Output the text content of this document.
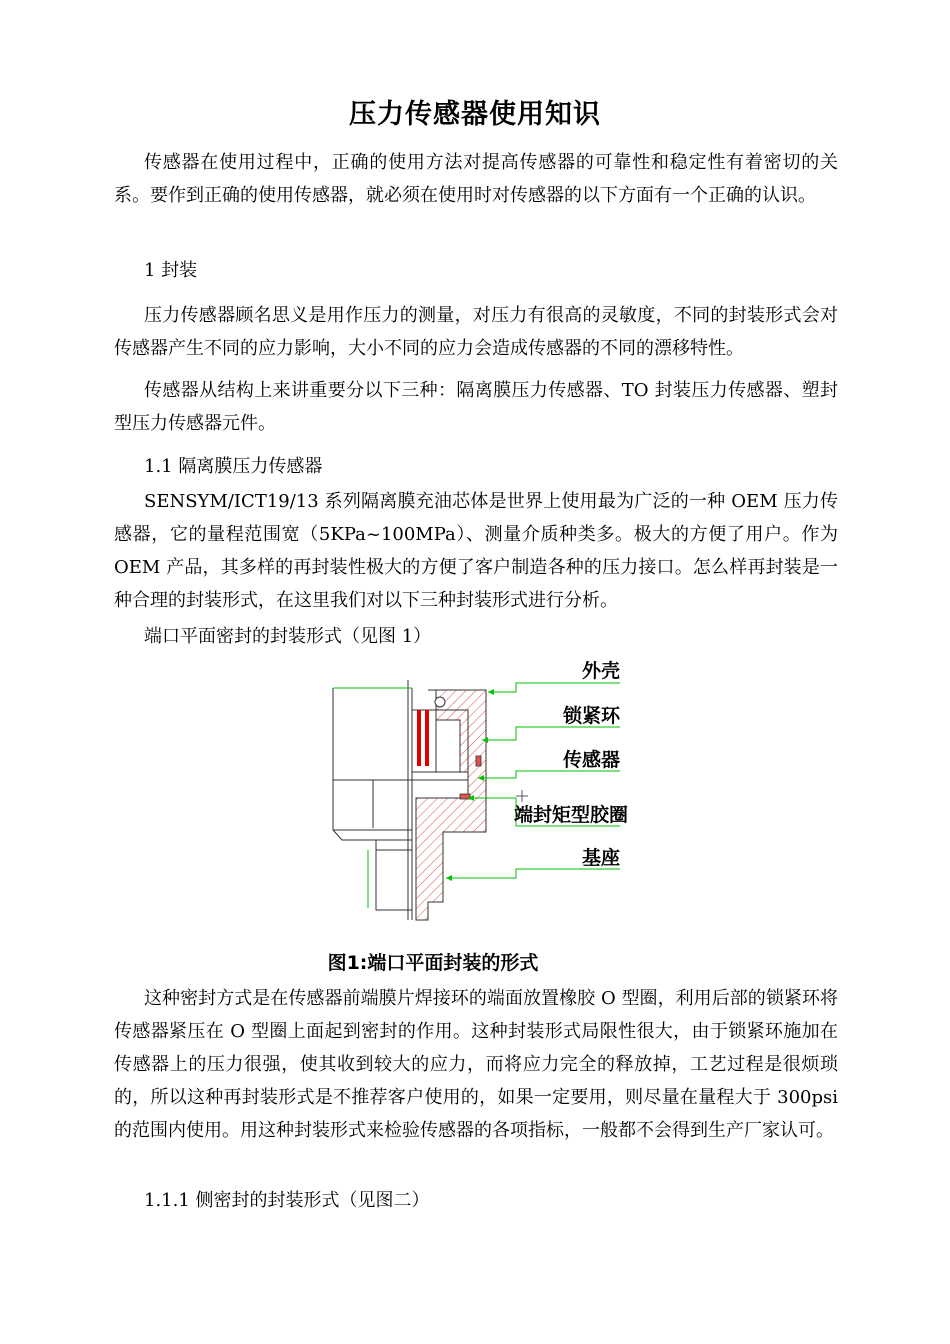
压力传感器使用知识
传感器在使用过程中，正确的使用方法对提高传感器的可靠性和稳定性有着密切的关系。要作到正确的使用传感器，就必须在使用时对传感器的以下方面有一个正确的认识。
1 封装
压力传感器顾名思义是用作压力的测量，对压力有很高的灵敏度，不同的封装形式会对传感器产生不同的应力影响，大小不同的应力会造成传感器的不同的漂移特性。
传感器从结构上来讲重要分以下三种：隔离膜压力传感器、TO 封装压力传感器、塑封型压力传感器元件。
1.1 隔离膜压力传感器
SENSYM/ICT19/13 系列隔离膜充油芯体是世界上使用最为广泛的一种 OEM 压力传感器，它的量程范围宽（5KPa~100MPa）、测量介质种类多。极大的方便了用户。作为 OEM 产品，其多样的再封装性极大的方便了客户制造各种的压力接口。怎么样再封装是一种合理的封装形式，在这里我们对以下三种封装形式进行分析。
端口平面密封的封装形式（见图 1）
外壳
锁紧环
传感器
端封矩型胶圈
基座
图1:端口平面封装的形式
这种密封方式是在传感器前端膜片焊接环的端面放置橡胶 O 型圈，利用后部的锁紧环将传感器紧压在 O 型圈上面起到密封的作用。这种封装形式局限性很大，由于锁紧环施加在传感器上的压力很强，使其收到较大的应力，而将应力完全的释放掉，工艺过程是很烦琐的，所以这种再封装形式是不推荐客户使用的，如果一定要用，则尽量在量程大于 300psi 的范围内使用。用这种封装形式来检验传感器的各项指标，一般都不会得到生产厂家认可。
1.1.1 侧密封的封装形式（见图二）
